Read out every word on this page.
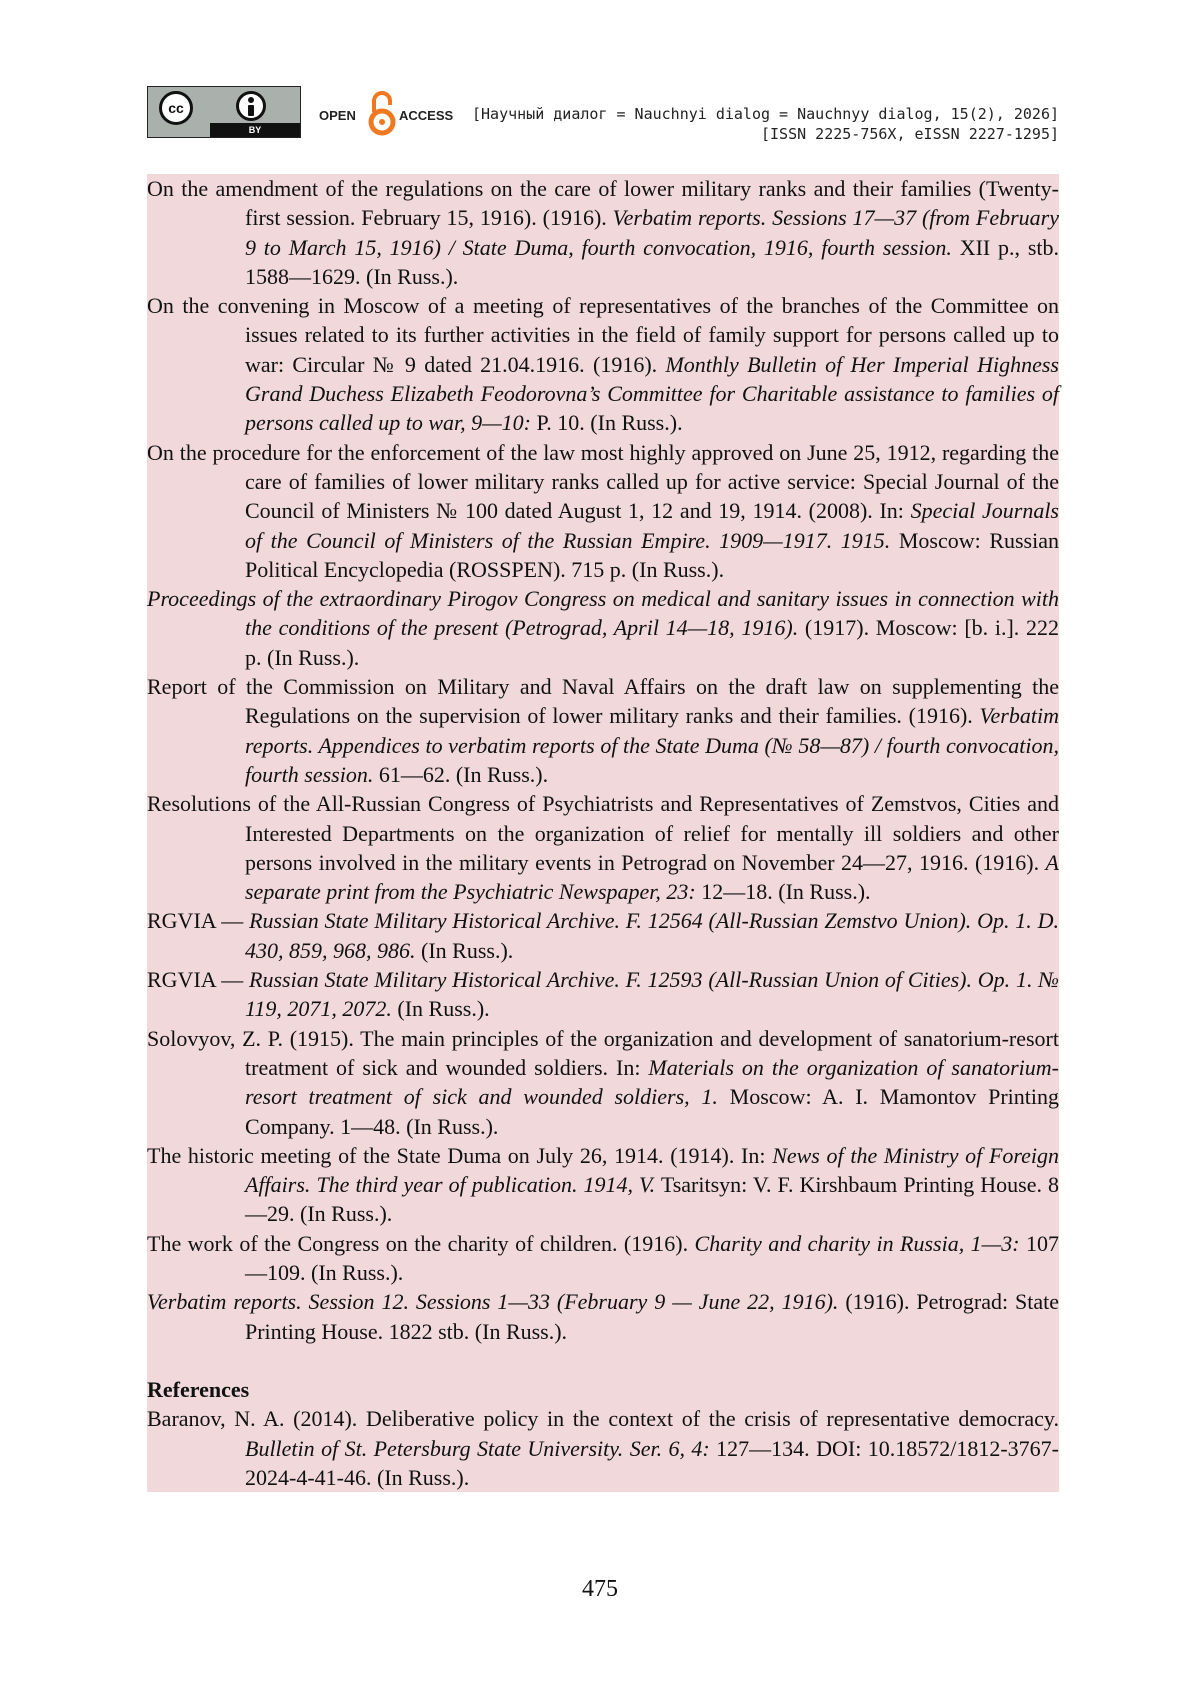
cc
BY
OPEN	ACCESS [Научный диалог = Nauchnyi dialog = Nauchnyy dialog, 15(2), 2026]
[ISSN 2225-756X, eISSN 2227-1295]
On the amendment of the regulations on the care of lower military ranks and their families (Twenty-first session. February 15, 1916). (1916). Verbatim reports. Sessions 17—37 (from February 9 to March 15, 1916) / State Duma, fourth convocation, 1916, fourth session. XII p., stb. 1588—1629. (In Russ.).
On the convening in Moscow of a meeting of representatives of the branches of the Committee on issues related to its further activities in the field of family support for persons called up to war: Circular № 9 dated 21.04.1916. (1916). Monthly Bulletin of Her Imperial Highness Grand Duchess Elizabeth Feodorovna’s Committee for Charitable assistance to families of persons called up to war, 9—10: P. 10. (In Russ.).
On the procedure for the enforcement of the law most highly approved on June 25, 1912, regarding the care of families of lower military ranks called up for active service: Special Journal of the Council of Ministers № 100 dated August 1, 12 and 19, 1914. (2008). In: Special Journals of the Council of Ministers of the Russian Empire. 1909—1917. 1915. Moscow: Russian Political Encyclopedia (ROSSPEN). 715 p. (In Russ.).
Proceedings of the extraordinary Pirogov Congress on medical and sanitary issues in connection with the conditions of the present (Petrograd, April 14—18, 1916). (1917). Moscow: [b. i.]. 222 p. (In Russ.).
Report of the Commission on Military and Naval Affairs on the draft law on supplementing the Regulations on the supervision of lower military ranks and their families. (1916). Verbatim reports. Appendices to verbatim reports of the State Duma (№ 58—87) / fourth convocation, fourth session. 61—62. (In Russ.).
Resolutions of the All-Russian Congress of Psychiatrists and Representatives of Zemstvos, Cities and Interested Departments on the organization of relief for mentally ill soldiers and other persons involved in the military events in Petrograd on November 24—27, 1916. (1916). A separate print from the Psychiatric Newspaper, 23: 12—18. (In Russ.).
RGVIA — Russian State Military Historical Archive. F. 12564 (All-Russian Zemstvo Union). Op. 1. D. 430, 859, 968, 986. (In Russ.).
RGVIA — Russian State Military Historical Archive. F. 12593 (All-Russian Union of Cities). Op. 1. № 119, 2071, 2072. (In Russ.).
Solovyov, Z. P. (1915). The main principles of the organization and development of sanatorium-resort treatment of sick and wounded soldiers. In: Materials on the organization of sanatorium-resort treatment of sick and wounded soldiers, 1. Moscow: A. I. Mamontov Printing Company. 1—48. (In Russ.).
The historic meeting of the State Duma on July 26, 1914. (1914). In: News of the Ministry of Foreign Affairs. The third year of publication. 1914, V. Tsaritsyn: V. F. Kirshbaum Printing House. 8—29. (In Russ.).
The work of the Congress on the charity of children. (1916). Charity and charity in Russia, 1—3: 107—109. (In Russ.).
Verbatim reports. Session 12. Sessions 1—33 (February 9 — June 22, 1916). (1916). Petrograd: State Printing House. 1822 stb. (In Russ.).
References
Baranov, N. A. (2014). Deliberative policy in the context of the crisis of representative democracy. Bulletin of St. Petersburg State University. Ser. 6, 4: 127—134. DOI: 10.18572/1812-3767-2024-4-41-46. (In Russ.).
475
